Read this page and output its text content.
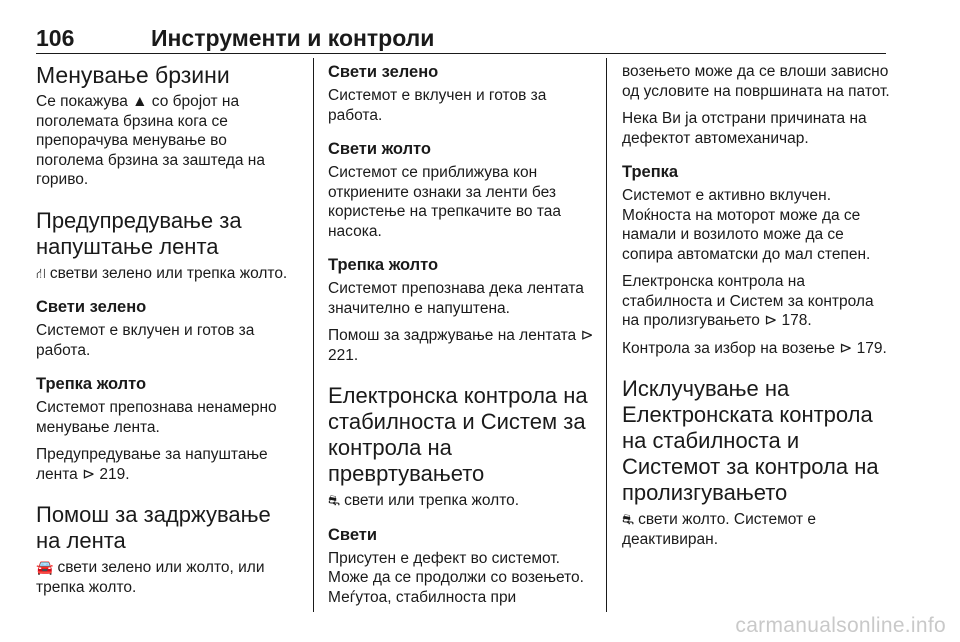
106	Инструменти и контроли
Менување брзини

Се покажува ▲ со бројот на поголемата брзина кога се препорачува менување во поголема брзина за заштеда на гориво.

Предупредување за напуштање лента

⛙ светви зелено или трепка жолто.

Свети зелено

Системот е вклучен и готов за работа.

Трепка жолто

Системот препознава ненамерно менување лента.

Предупредување за напуштање лента ⊳ 219.

Помош за задржување на лента

🚘 свети зелено или жолто, или трепка жолто.

Свети зелено

Системот е вклучен и готов за работа.

Свети жолто

Системот се приближува кон откриените ознаки за ленти без користење на трепкачите во таа насока.

Трепка жолто

Системот препознава дека лентата значително е напуштена.

Помош за задржување на лентата ⊳ 221.

Електронска контрола на стабилноста и Систем за контрола на превртувањето

⛐ свети или трепка жолто.

Свети

Присутен е дефект во системот. Може да се продолжи со возењето. Меѓутоа, стабилноста при

возењето може да се влоши зависно од условите на површината на патот.

Нека Ви ја отстрани причината на дефектот автомеханичар.

Трепка

Системот е активно вклучен. Моќноста на моторот може да се намали и возилото може да се сопира автоматски до мал степен.

Електронска контрола на стабилноста и Систем за контрола на пролизгувањето ⊳ 178.

Контрола за избор на возење ⊳ 179.

Исклучување на Електронската контрола на стабилноста и Системот за контрола на пролизгувањето

⛐ свети жолто. Системот е деактивиран.

carmanualsonline.info
